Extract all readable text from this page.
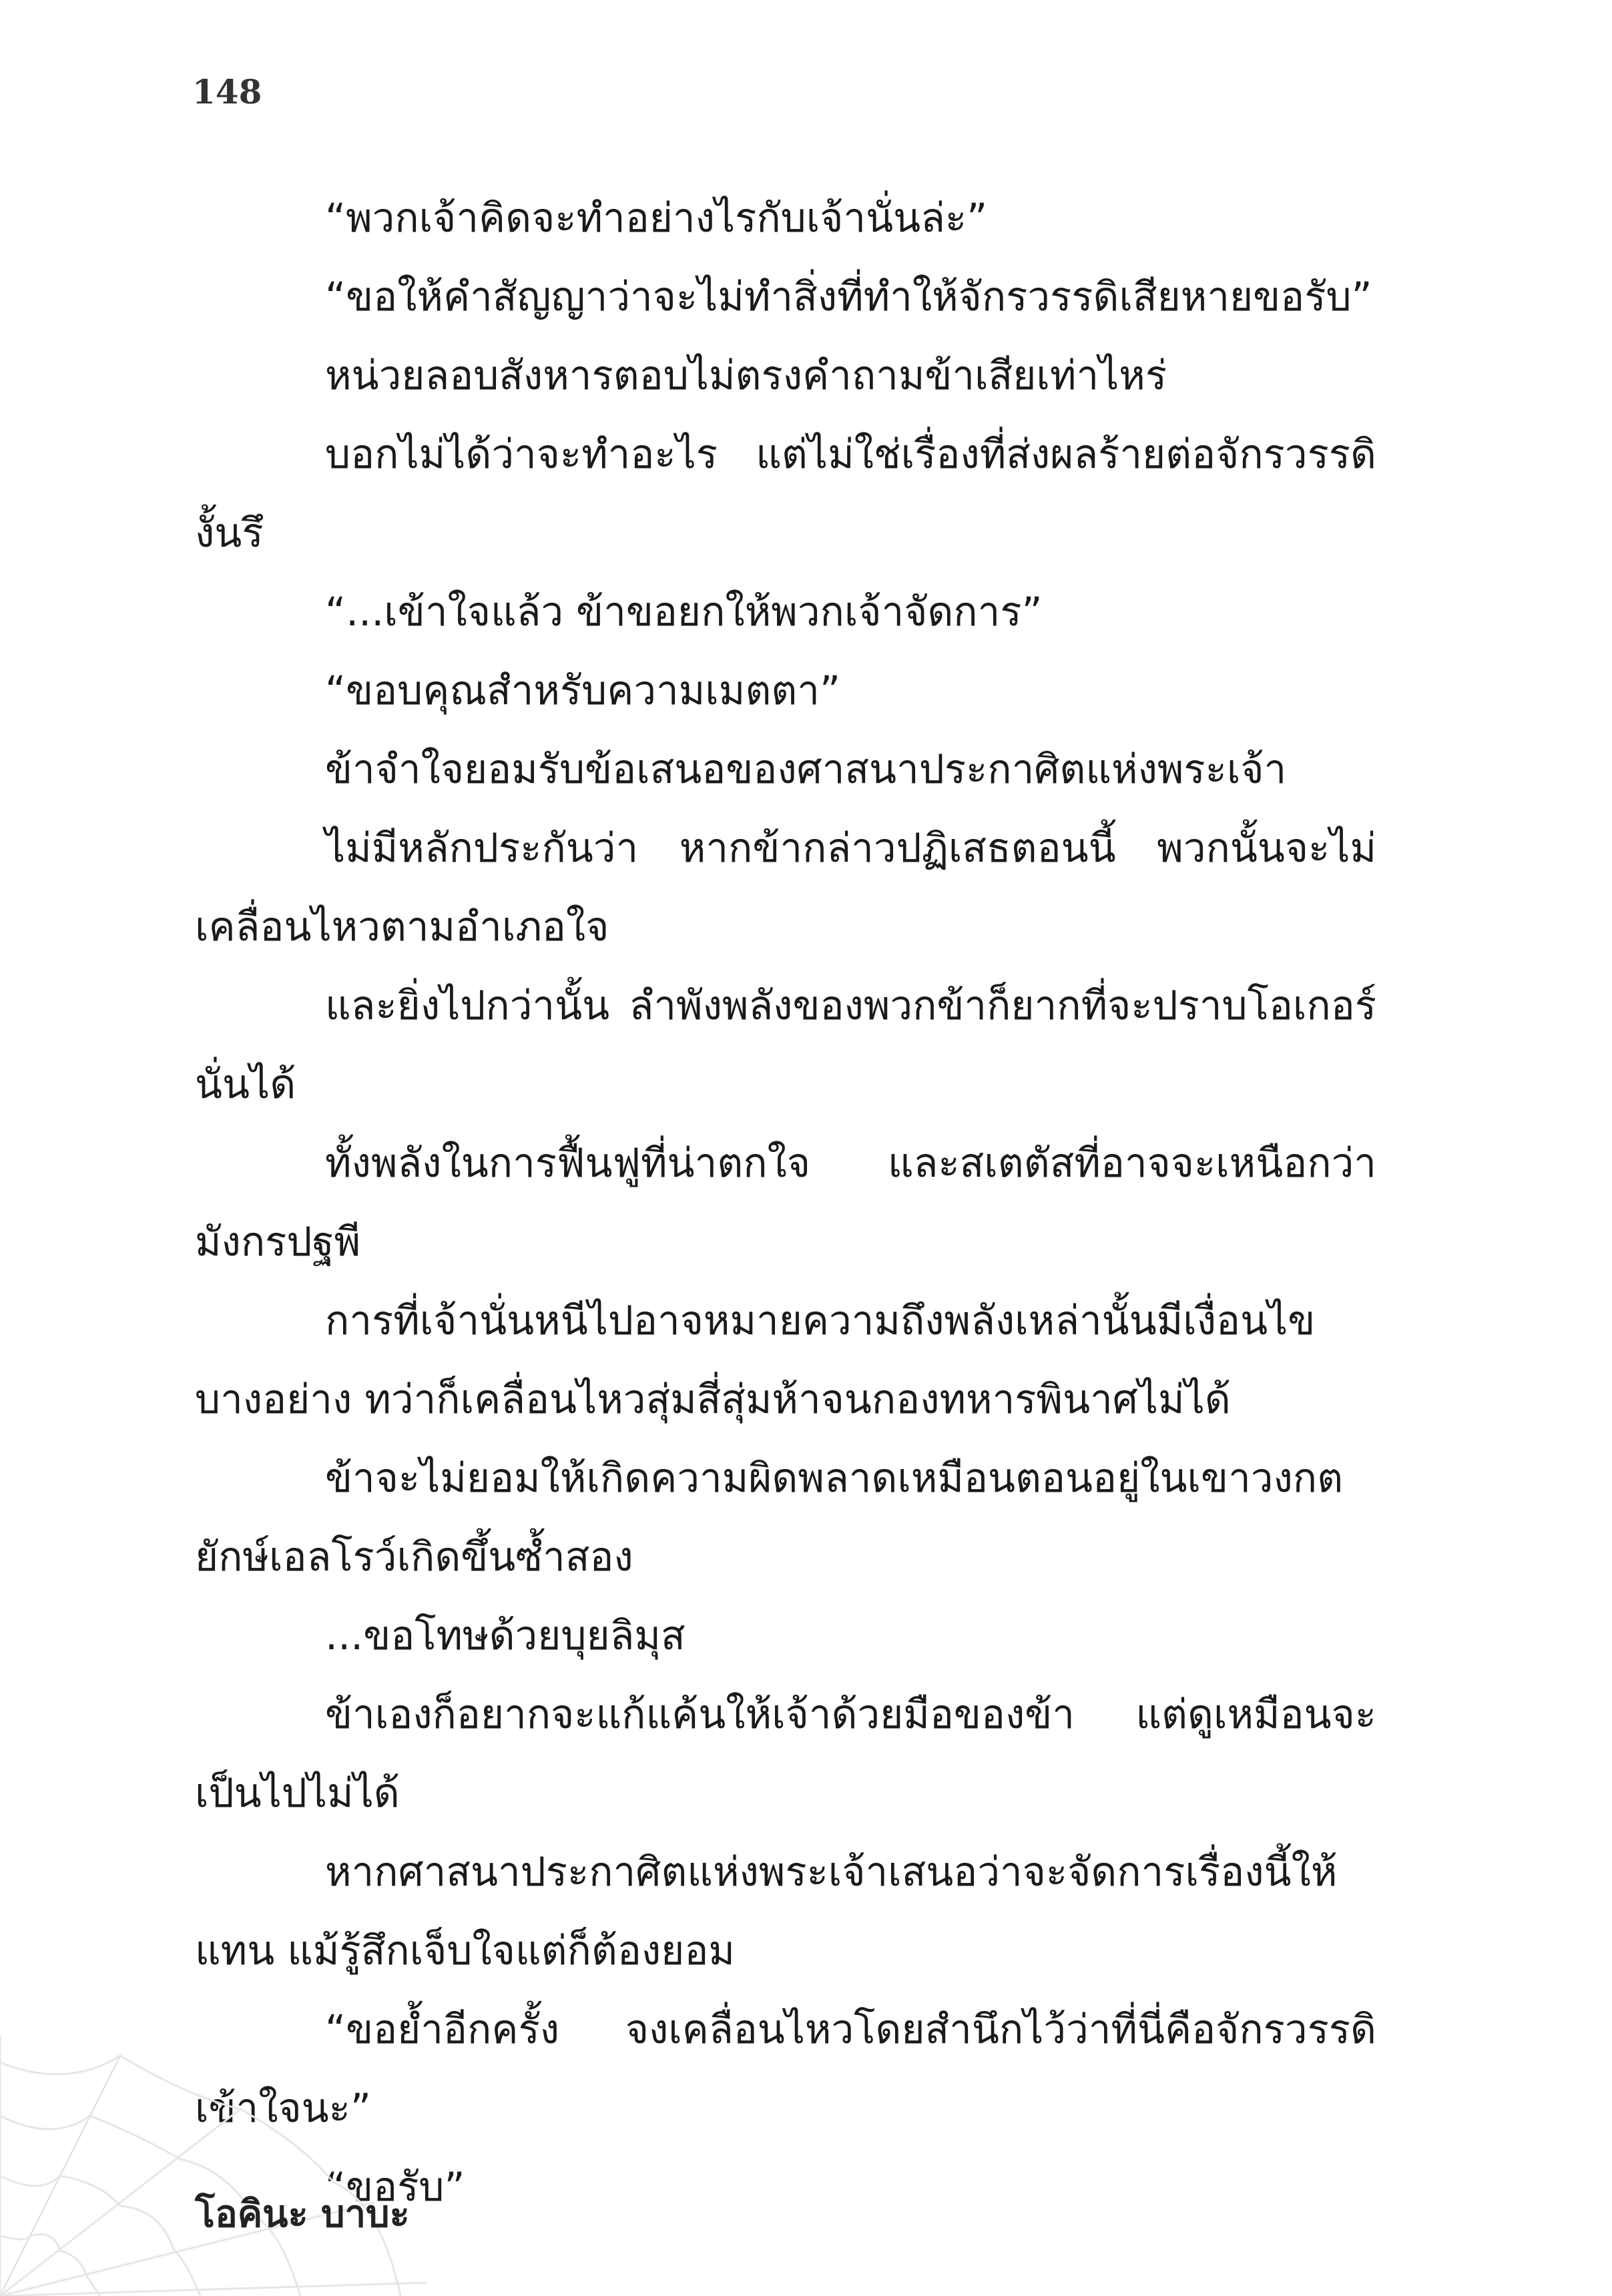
148

“พวกเจ้าคิดจะทำอย่างไรกับเจ้านั่นล่ะ”

“ขอให้คำสัญญาว่าจะไม่ทำสิ่งที่ทำให้จักรวรรดิเสียหายขอรับ”

หน่วยลอบสังหารตอบไม่ตรงคำถามข้าเสียเท่าไหร่

บอกไม่ได้ว่าจะทำอะไร แต่ไม่ใช่เรื่องที่ส่งผลร้ายต่อจักรวรรดิงั้นรึ

“...เข้าใจแล้ว ข้าขอยกให้พวกเจ้าจัดการ”

“ขอบคุณสำหรับความเมตตา”

ข้าจำใจยอมรับข้อเสนอของศาสนาประกาศิตแห่งพระเจ้า

ไม่มีหลักประกันว่า หากข้ากล่าวปฏิเสธตอนนี้ พวกนั้นจะไม่เคลื่อนไหวตามอำเภอใจ

และยิ่งไปกว่านั้น ลำพังพลังของพวกข้าก็ยากที่จะปราบโอเกอร์นั่นได้

ทั้งพลังในการฟื้นฟูที่น่าตกใจ และสเตตัสที่อาจจะเหนือกว่ามังกรปฐพี

การที่เจ้านั่นหนีไปอาจหมายความถึงพลังเหล่านั้นมีเงื่อนไขบางอย่าง ทว่าก็เคลื่อนไหวสุ่มสี่สุ่มห้าจนกองทหารพินาศไม่ได้

ข้าจะไม่ยอมให้เกิดความผิดพลาดเหมือนตอนอยู่ในเขาวงกตยักษ์เอลโรว์เกิดขึ้นซ้ำสอง

...ขอโทษด้วยบุยลิมุส

ข้าเองก็อยากจะแก้แค้นให้เจ้าด้วยมือของข้า แต่ดูเหมือนจะเป็นไปไม่ได้

หากศาสนาประกาศิตแห่งพระเจ้าเสนอว่าจะจัดการเรื่องนี้ให้แทน แม้รู้สึกเจ็บใจแต่ก็ต้องยอม

“ขอย้ำอีกครั้ง จงเคลื่อนไหวโดยสำนึกไว้ว่าที่นี่คือจักรวรรดิเข้าใจนะ”

“ขอรับ”

โอคินะ บาบะ
